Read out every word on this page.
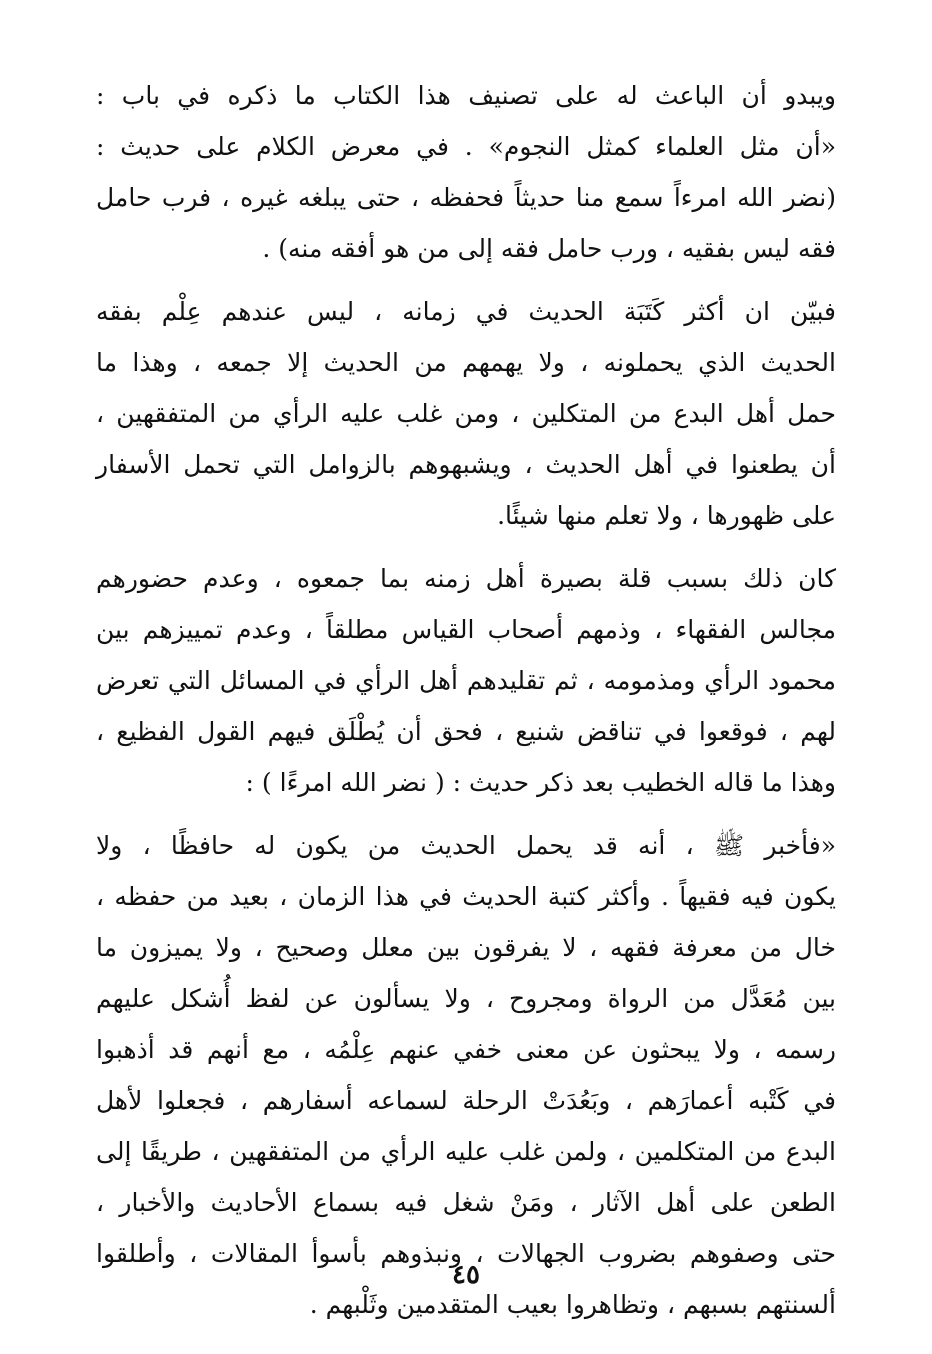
ويبدو أن الباعث له على تصنيف هذا الكتاب ما ذكره في باب :
«أن مثل العلماء كمثل النجوم» . في معرض الكلام على حديث :
(نضر الله امرءاً سمع منا حديثاً فحفظه ، حتى يبلغه غيره ، فرب حامل
فقه ليس بفقيه ، ورب حامل فقه إلى من هو أفقه منه) .

فبيّن ان أكثر كَتَبَة الحديث في زمانه ، ليس عندهم عِلْم بفقه
الحديث الذي يحملونه ، ولا يهمهم من الحديث إلا جمعه ، وهذا ما
حمل أهل البدع من المتكلين ، ومن غلب عليه الرأي من المتفقهين ،
أن يطعنوا في أهل الحديث ، ويشبهوهم بالزوامل التي تحمل الأسفار
على ظهورها ، ولا تعلم منها شيئًا.

كان ذلك بسبب قلة بصيرة أهل زمنه بما جمعوه ، وعدم حضورهم
مجالس الفقهاء ، وذمهم أصحاب القياس مطلقاً ، وعدم تمييزهم بين
محمود الرأي ومذمومه ، ثم تقليدهم أهل الرأي في المسائل التي تعرض
لهم ، فوقعوا في تناقض شنيع ، فحق أن يُطْلَق فيهم القول الفظيع ،
وهذا ما قاله الخطيب بعد ذكر حديث : ( نضر الله امرءًا ) :

«فأخبر ﷺ ، أنه قد يحمل الحديث من يكون له حافظًا ، ولا
يكون فيه فقيهاً . وأكثر كتبة الحديث في هذا الزمان ، بعيد من حفظه ،
خال من معرفة فقهه ، لا يفرقون بين معلل وصحيح ، ولا يميزون ما
بين مُعَدَّل من الرواة ومجروح ، ولا يسألون عن لفظ أُشكل عليهم
رسمه ، ولا يبحثون عن معنى خفي عنهم عِلْمُه ، مع أنهم قد أذهبوا
في كَتْبه أعمارَهم ، وبَعُدَتْ الرحلة لسماعه أسفارهم ، فجعلوا لأهل
البدع من المتكلمين ، ولمن غلب عليه الرأي من المتفقهين ، طريقًا إلى
الطعن على أهل الآثار ، ومَنْ شغل فيه بسماع الأحاديث والأخبار ،
حتى وصفوهم بضروب الجهالات ، ونبذوهم بأسوأ المقالات ، وأطلقوا
ألسنتهم بسبهم ، وتظاهروا بعيب المتقدمين وثَلْبهم .

٤٥
